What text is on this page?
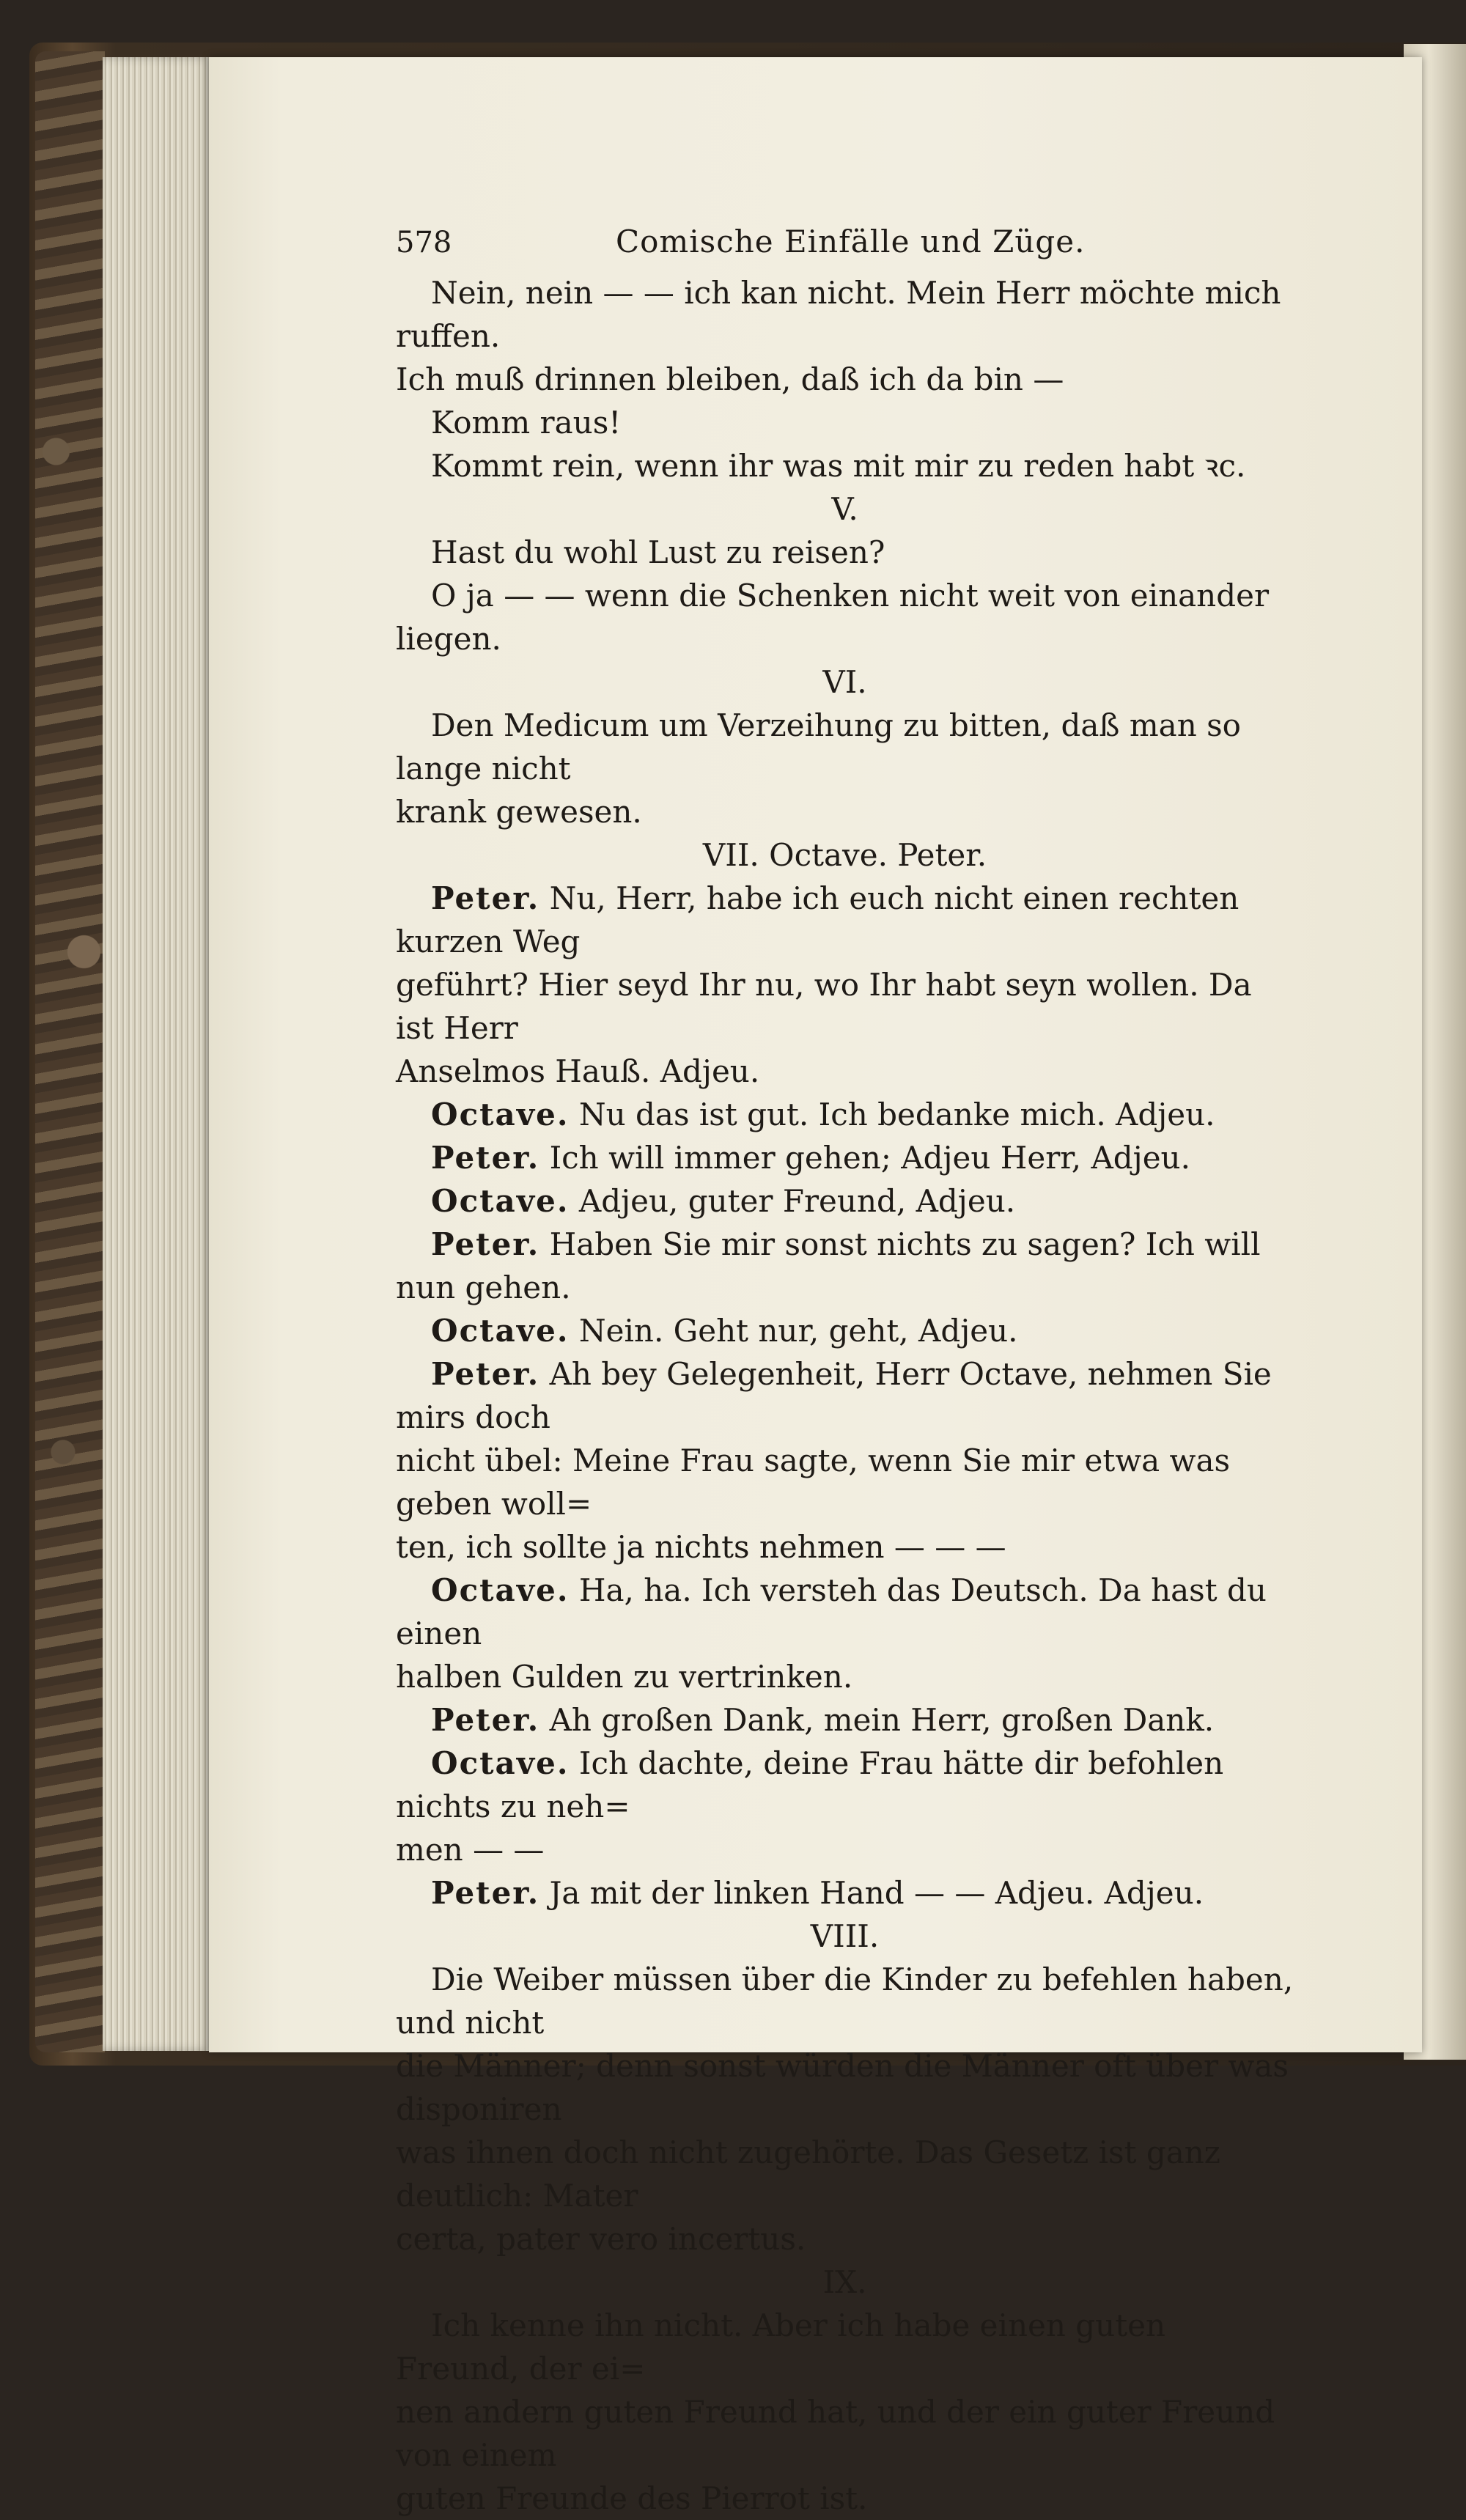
578	Comische Einfälle und Züge.

Nein, nein — — ich kan nicht. Mein Herr möchte mich ruffen.

Ich muß drinnen bleiben, daß ich da bin —

Komm raus!

Kommt rein, wenn ihr was mit mir zu reden habt ꝛc.

V.

Hast du wohl Lust zu reisen?

O ja — — wenn die Schenken nicht weit von einander liegen.

VI.

Den Medicum um Verzeihung zu bitten, daß man so lange nicht

krank gewesen.

VII. Octave. Peter.

Peter. Nu, Herr, habe ich euch nicht einen rechten kurzen Weg

geführt? Hier seyd Ihr nu, wo Ihr habt seyn wollen. Da ist Herr

Anselmos Hauß. Adjeu.

Octave. Nu das ist gut. Ich bedanke mich. Adjeu.

Peter. Ich will immer gehen; Adjeu Herr, Adjeu.

Octave. Adjeu, guter Freund, Adjeu.

Peter. Haben Sie mir sonst nichts zu sagen? Ich will nun gehen.

Octave. Nein. Geht nur, geht, Adjeu.

Peter. Ah bey Gelegenheit, Herr Octave, nehmen Sie mirs doch

nicht übel: Meine Frau sagte, wenn Sie mir etwa was geben woll=

ten, ich sollte ja nichts nehmen — — —

Octave. Ha, ha. Ich versteh das Deutsch. Da hast du einen

halben Gulden zu vertrinken.

Peter. Ah großen Dank, mein Herr, großen Dank.

Octave. Ich dachte, deine Frau hätte dir befohlen nichts zu neh=

men — —

Peter. Ja mit der linken Hand — — Adjeu. Adjeu.

VIII.

Die Weiber müssen über die Kinder zu befehlen haben, und nicht

die Männer; denn sonst würden die Männer oft über was disponiren

was ihnen doch nicht zugehörte. Das Gesetz ist ganz deutlich: Mater

certa, pater vero incertus.

IX.

Ich kenne ihn nicht. Aber ich habe einen guten Freund, der ei=

nen andern guten Freund hat, und der ein guter Freund von einem

guten Freunde des Pierrot ist.
